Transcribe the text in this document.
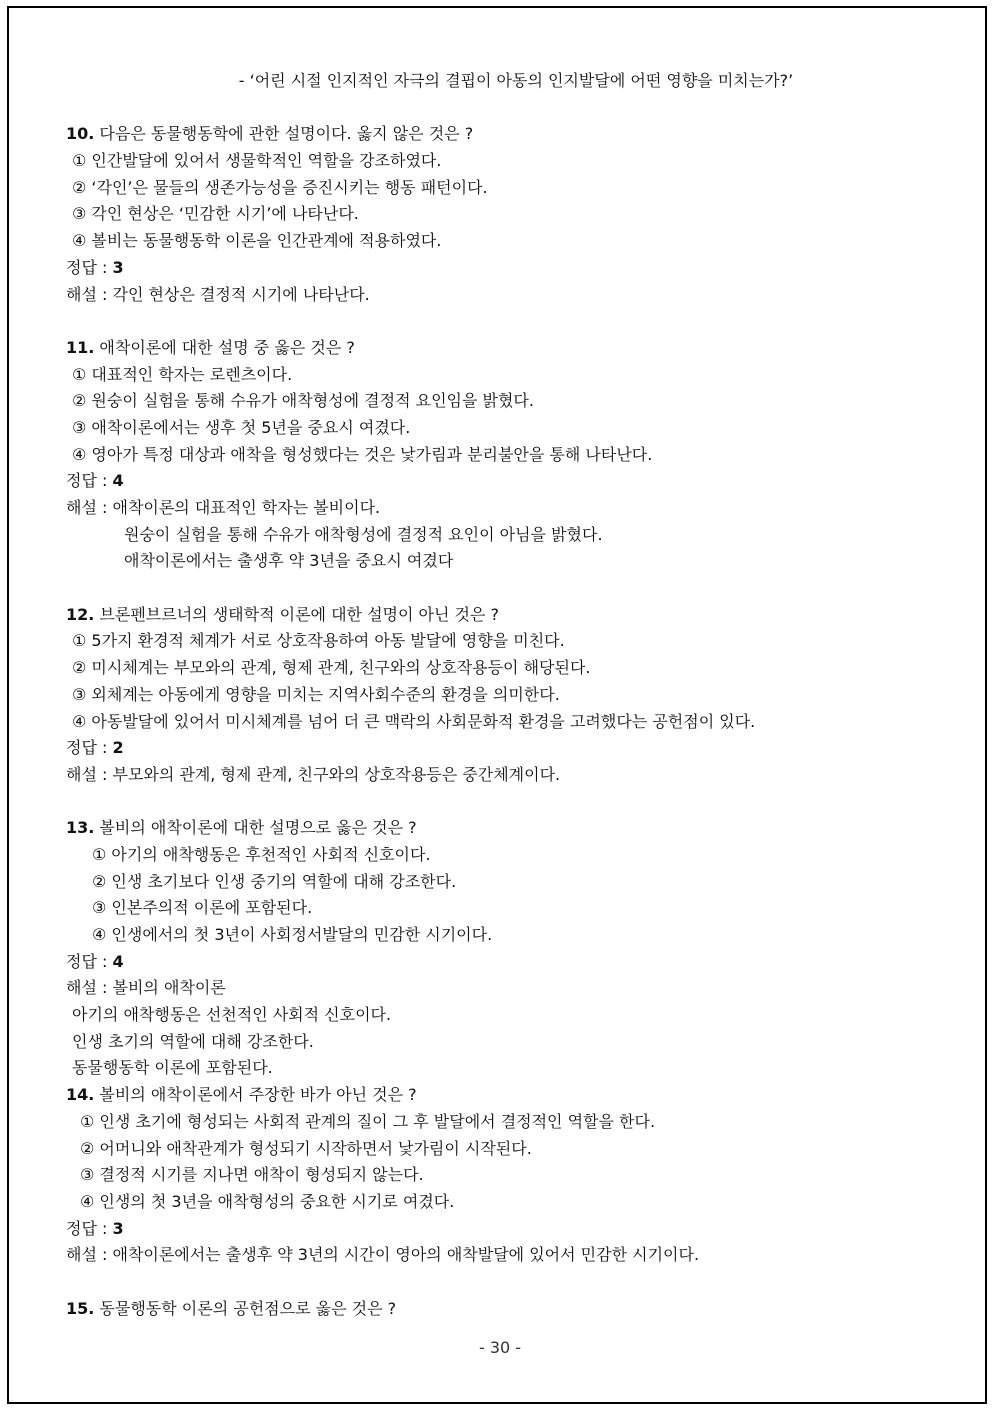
- ‘어린 시절 인지적인 자극의 결핍이 아동의 인지발달에 어떤 영향을 미치는가?’
10. 다음은 동물행동학에 관한 설명이다. 옳지 않은 것은 ?
① 인간발달에 있어서 생물학적인 역할을 강조하였다.
② ‘각인’은 물들의 생존가능성을 증진시키는 행동 패턴이다.
③ 각인 현상은 ‘민감한 시기’에 나타난다.
④ 볼비는 동물행동학 이론을 인간관계에 적용하였다.
정답 : 3
해설 : 각인 현상은 결정적 시기에 나타난다.
11. 애착이론에 대한 설명 중 옳은 것은 ?
① 대표적인 학자는 로렌츠이다.
② 원숭이 실험을 통해 수유가 애착형성에 결정적 요인임을 밝혔다.
③ 애착이론에서는 생후 첫 5년을 중요시 여겼다.
④ 영아가 특정 대상과 애착을 형성했다는 것은 낯가림과 분리불안을 통해 나타난다.
정답 : 4
해설 : 애착이론의 대표적인 학자는 볼비이다.
원숭이 실험을 통해 수유가 애착형성에 결정적 요인이 아님을 밝혔다.
애착이론에서는 출생후 약 3년을 중요시 여겼다
12. 브론펜브르너의 생태학적 이론에 대한 설명이 아닌 것은 ?
① 5가지 환경적 체계가 서로 상호작용하여 아동 발달에 영향을 미친다.
② 미시체계는 부모와의 관계, 형제 관계, 친구와의 상호작용등이 해당된다.
③ 외체계는 아동에게 영향을 미치는 지역사회수준의 환경을 의미한다.
④ 아동발달에 있어서 미시체계를 넘어 더 큰 맥락의 사회문화적 환경을 고려했다는 공헌점이 있다.
정답 : 2
해설 : 부모와의 관계, 형제 관계, 친구와의 상호작용등은 중간체계이다.
13. 볼비의 애착이론에 대한 설명으로 옳은 것은 ?
① 아기의 애착행동은 후천적인 사회적 신호이다.
② 인생 초기보다 인생 중기의 역할에 대해 강조한다.
③ 인본주의적 이론에 포함된다.
④ 인생에서의 첫 3년이 사회정서발달의 민감한 시기이다.
정답 : 4
해설 : 볼비의 애착이론
아기의 애착행동은 선천적인 사회적 신호이다.
인생 초기의 역할에 대해 강조한다.
동물행동학 이론에 포함된다.
14. 볼비의 애착이론에서 주장한 바가 아닌 것은 ?
① 인생 초기에 형성되는 사회적 관계의 질이 그 후 발달에서 결정적인 역할을 한다.
② 어머니와 애착관계가 형성되기 시작하면서 낯가림이 시작된다.
③ 결정적 시기를 지나면 애착이 형성되지 않는다.
④ 인생의 첫 3년을 애착형성의 중요한 시기로 여겼다.
정답 : 3
해설 : 애착이론에서는 출생후 약 3년의 시간이 영아의 애착발달에 있어서 민감한 시기이다.
15. 동물행동학 이론의 공헌점으로 옳은 것은 ?
- 30 -
